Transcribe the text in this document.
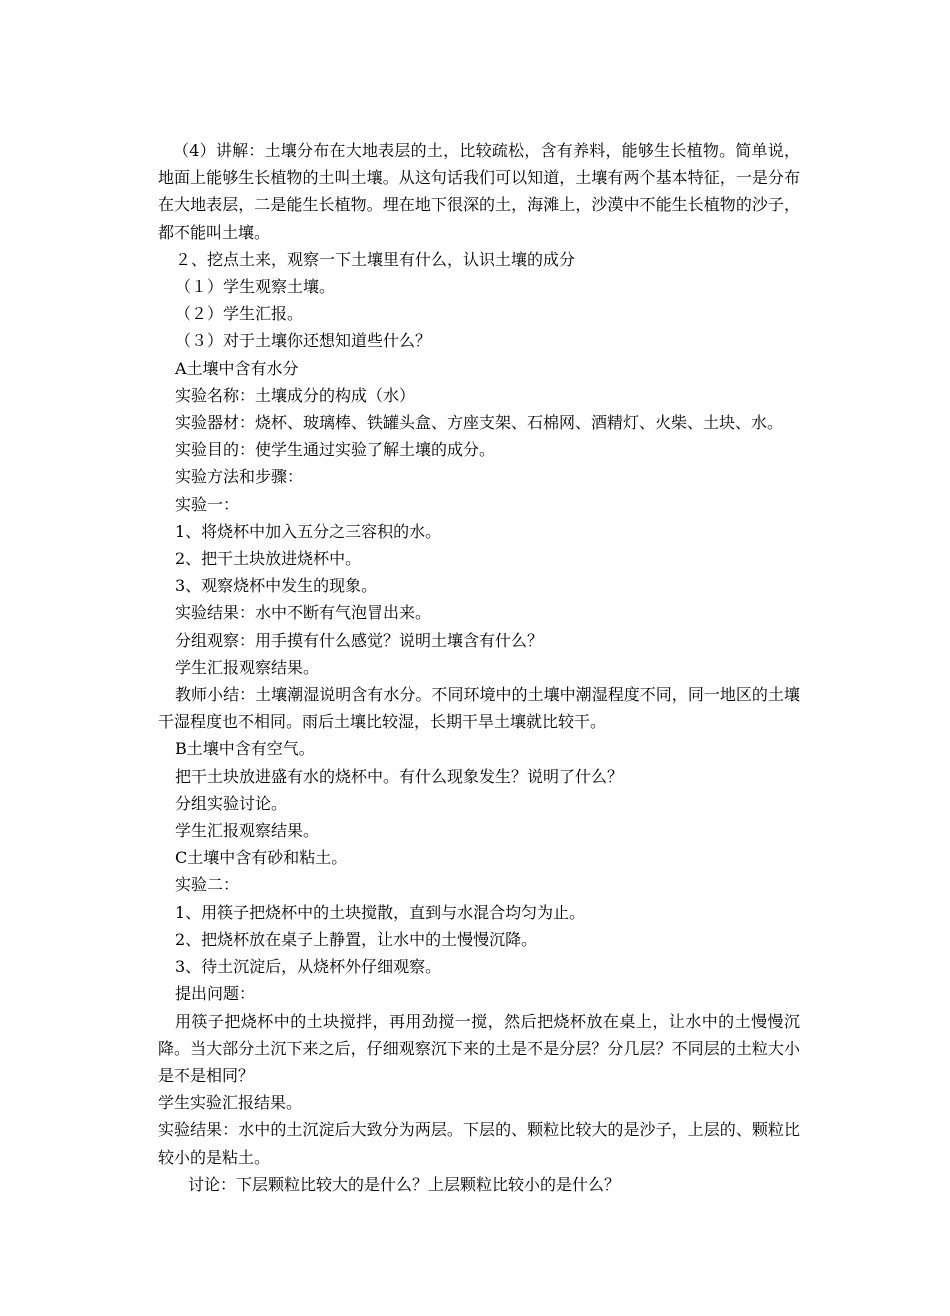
（4）讲解：土壤分布在大地表层的土，比较疏松，含有养料，能够生长植物。简单说，地面上能够生长植物的土叫土壤。从这句话我们可以知道，土壤有两个基本特征，一是分布在大地表层，二是能生长植物。埋在地下很深的土，海滩上，沙漠中不能生长植物的沙子，都不能叫土壤。

２、挖点土来，观察一下土壤里有什么，认识土壤的成分

（１）学生观察土壤。

（２）学生汇报。

（３）对于土壤你还想知道些什么？

A土壤中含有水分

实验名称：土壤成分的构成（水）

实验器材：烧杯、玻璃棒、铁罐头盒、方座支架、石棉网、酒精灯、火柴、土块、水。

实验目的：使学生通过实验了解土壤的成分。

实验方法和步骤：

实验一：

1、将烧杯中加入五分之三容积的水。

2、把干土块放进烧杯中。

3、观察烧杯中发生的现象。

实验结果：水中不断有气泡冒出来。

分组观察：用手摸有什么感觉？说明土壤含有什么？

学生汇报观察结果。

教师小结：土壤潮湿说明含有水分。不同环境中的土壤中潮湿程度不同，同一地区的土壤干湿程度也不相同。雨后土壤比较湿，长期干旱土壤就比较干。

B土壤中含有空气。

把干土块放进盛有水的烧杯中。有什么现象发生？说明了什么？

分组实验讨论。

学生汇报观察结果。

C土壤中含有砂和粘土。

实验二：

1、用筷子把烧杯中的土块搅散，直到与水混合均匀为止。

2、把烧杯放在桌子上静置，让水中的土慢慢沉降。

3、待土沉淀后，从烧杯外仔细观察。

提出问题：

用筷子把烧杯中的土块搅拌，再用劲搅一搅，然后把烧杯放在桌上，让水中的土慢慢沉降。当大部分土沉下来之后，仔细观察沉下来的土是不是分层？分几层？不同层的土粒大小是不是相同？

学生实验汇报结果。

实验结果：水中的土沉淀后大致分为两层。下层的、颗粒比较大的是沙子，上层的、颗粒比较小的是粘土。

讨论：下层颗粒比较大的是什么？上层颗粒比较小的是什么？
